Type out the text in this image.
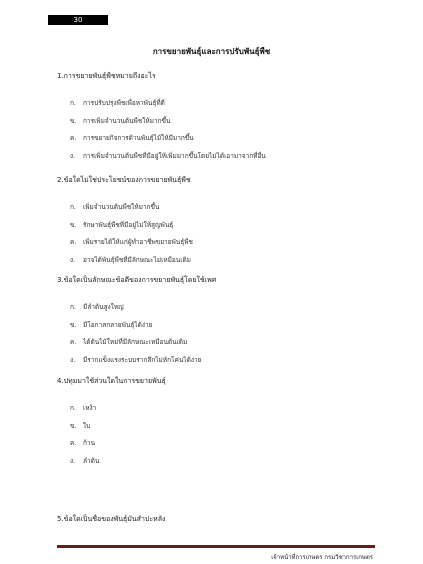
30
การขยายพันธุ์และการปรับพันธุ์พืช
1.การขยายพันธุ์พืชหมายถึงอะไร
ก. การปรับปรุงพืชเพื่อหาพันธุ์ที่ดี
ข. การเพิ่มจำนวนต้นพืชให้มากขึ้น
ค. การขยายกิจการด้านพันธุ์ไม้ให้มีมากขึ้น
ง. การเพิ่มจำนวนต้นพืชที่มีอยู่ให้เพิ่มมากขึ้นโดยไม่ได้เอามาจากที่อื่น
2.ข้อใดไม่ใช่ประโยชน์ของการขยายพันธุ์พืช
ก. เพิ่มจำนวนต้นพืชให้มากขึ้น
ข. รักษาพันธุ์พืชที่มีอยู่ไม่ให้สูญพันธุ์
ค. เพิ่มรายได้ให้แก่ผู้ทำอาชีพขยายพันธุ์พืช
ง. อาจได้พันธุ์พืชที่มีลักษณะไม่เหมือนเดิม
3.ข้อใดเป็นลักษณะข้อดีของการขยายพันธุ์โดยใช้เพศ
ก. มีลำต้นสูงใหญ่
ข. มีโอกาสกลายพันธุ์ได้ง่าย
ค. ได้ต้นไม้ใหม่ที่มีลักษณะเหมือนต้นเดิม
ง. มีรากแข็งแรงระบบรากลึกไม่หักโค่นได้ง่าย
4.ปทุมมาใช้ส่วนใดในการขยายพันธุ์
ก. เหง้า
ข. ใบ
ค. ก้าน
ง. ลำต้น
5.ข้อใดเป็นชื่อของพันธุ์มันสำปะหลัง
เจ้าหน้าที่การเกษตร กรมวิชาการเกษตร
